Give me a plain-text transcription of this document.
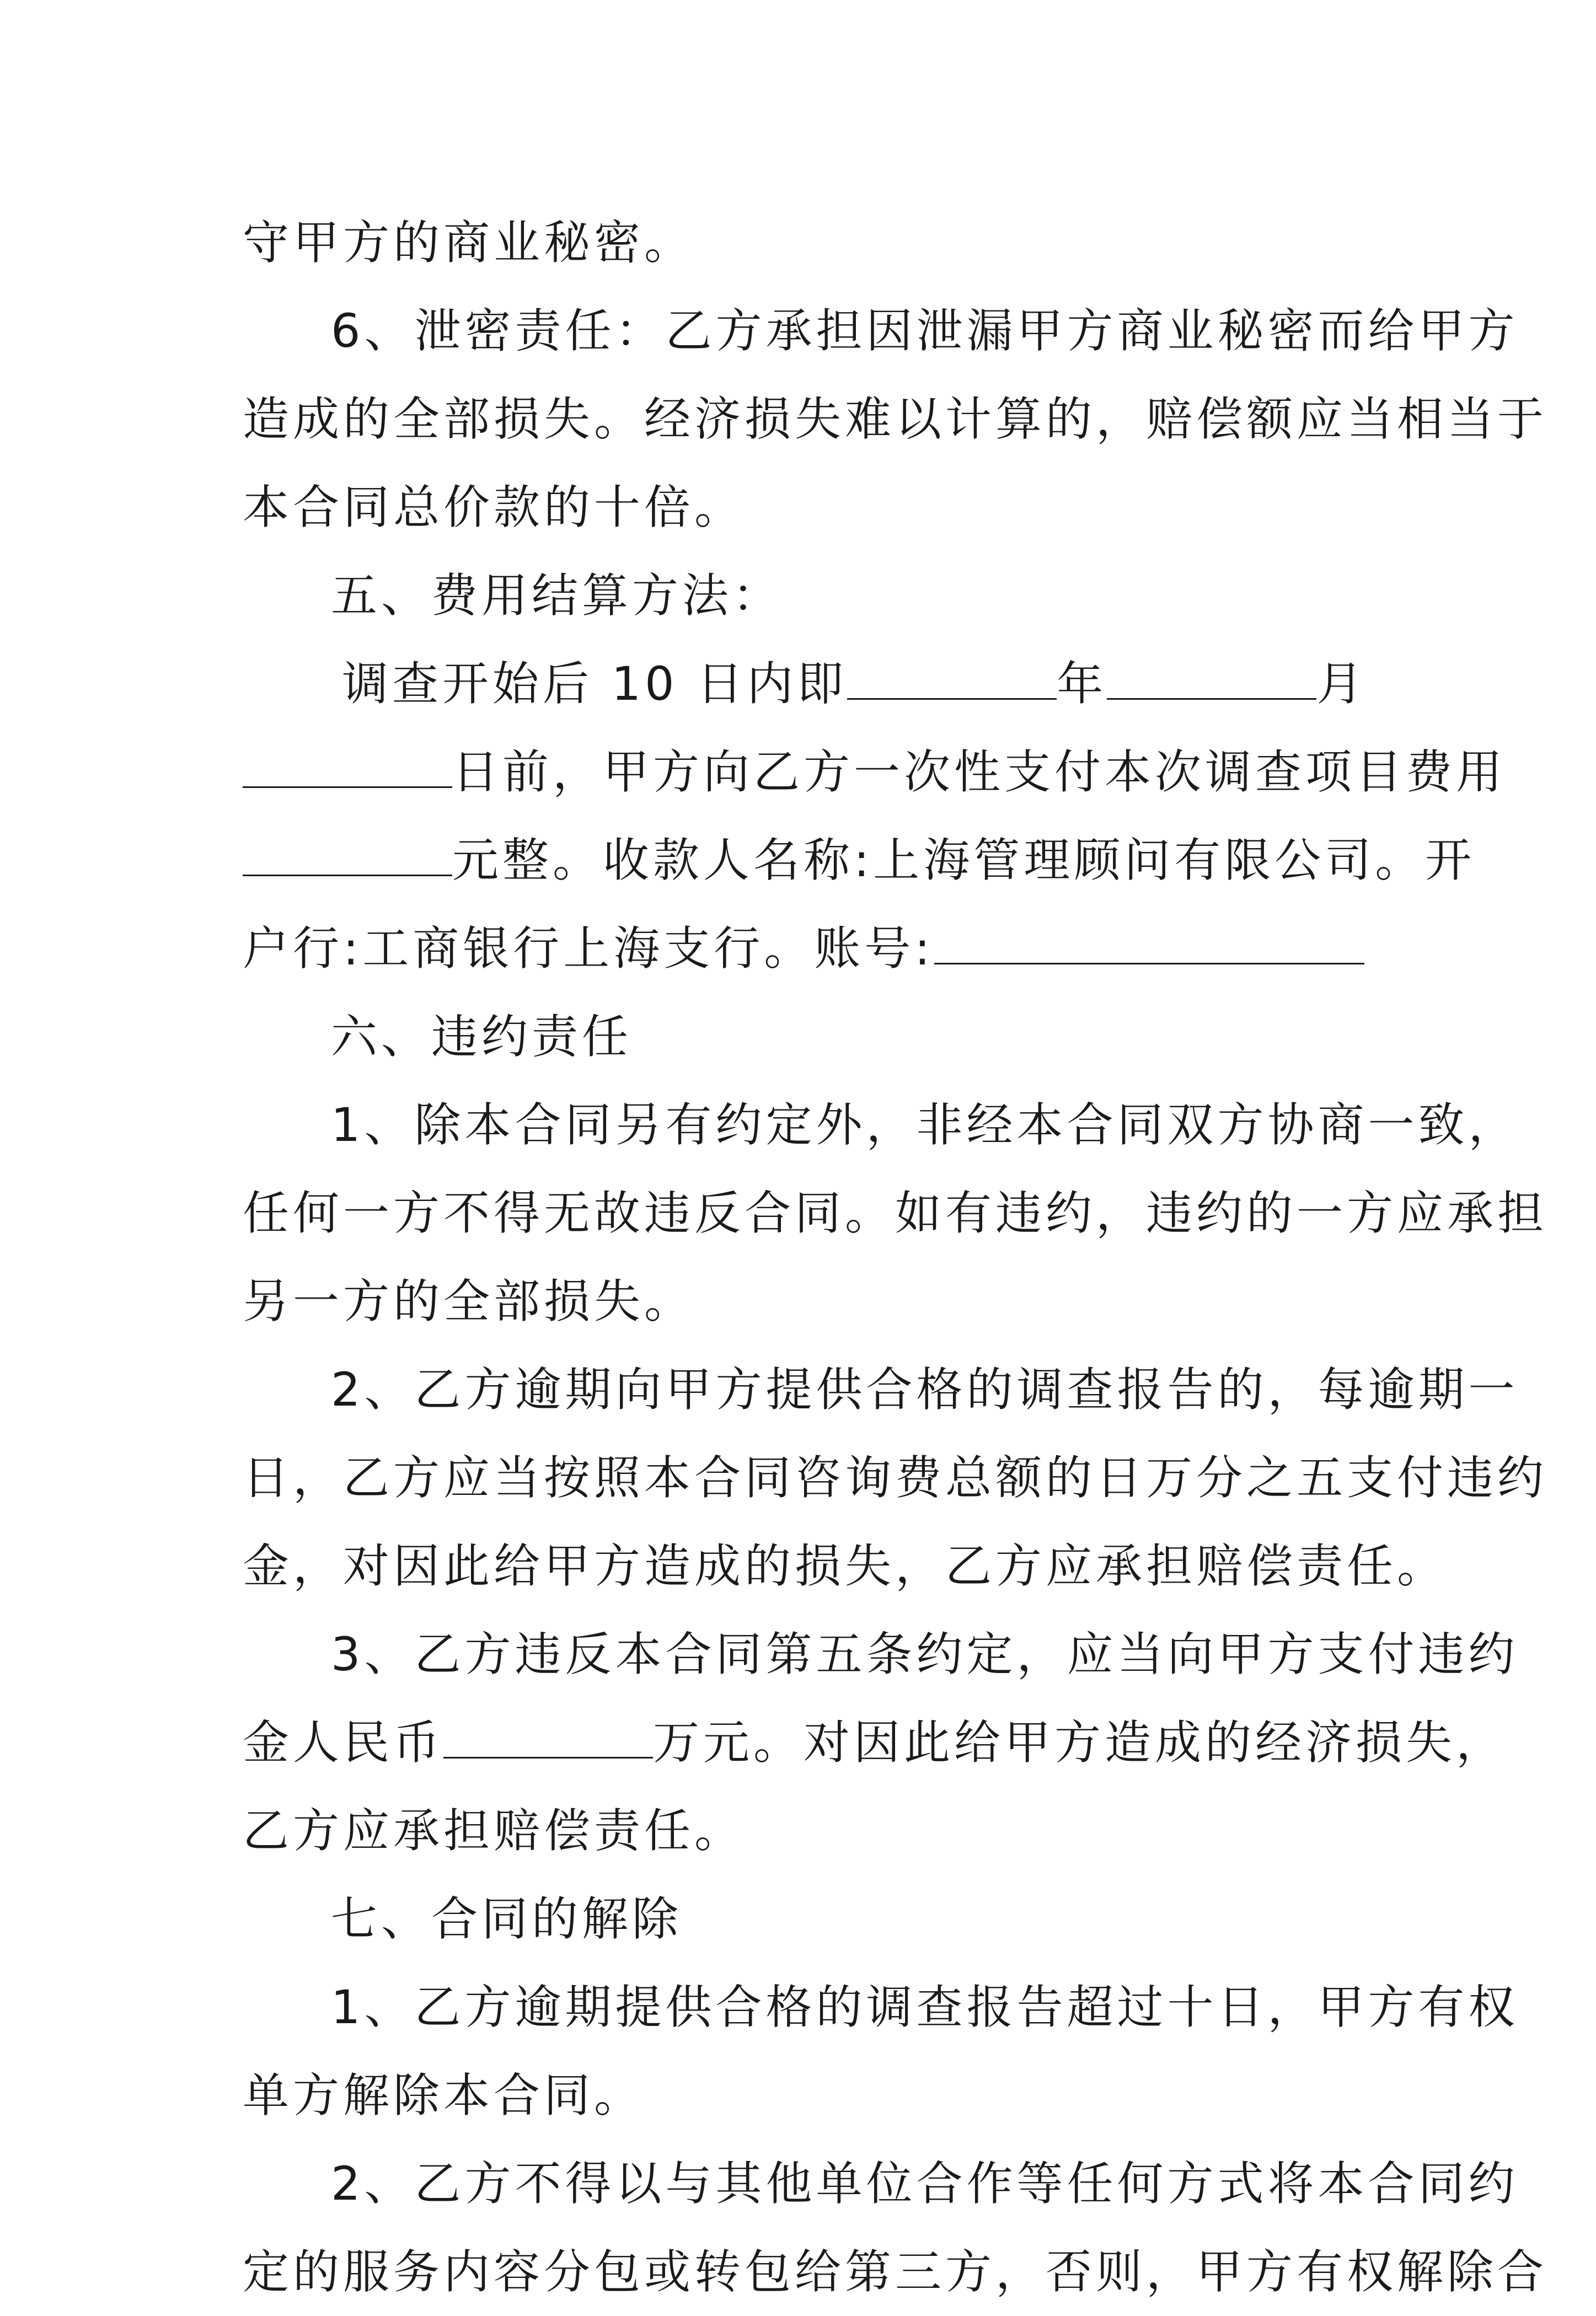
守甲方的商业秘密。
6、泄密责任：乙方承担因泄漏甲方商业秘密而给甲方
造成的全部损失。经济损失难以计算的，赔偿额应当相当于
本合同总价款的十倍。
五、费用结算方法：
调查开始后 10 日内即	年	月
日前，甲方向乙方一次性支付本次调查项目费用
元整。收款人名称:上海管理顾问有限公司。开
户行:工商银行上海支行。账号:
六、违约责任
1、除本合同另有约定外，非经本合同双方协商一致，
任何一方不得无故违反合同。如有违约，违约的一方应承担
另一方的全部损失。
2、乙方逾期向甲方提供合格的调查报告的，每逾期一
日，乙方应当按照本合同咨询费总额的日万分之五支付违约
金，对因此给甲方造成的损失，乙方应承担赔偿责任。
3、乙方违反本合同第五条约定，应当向甲方支付违约
金人民币	万元。对因此给甲方造成的经济损失，
乙方应承担赔偿责任。
七、合同的解除
1、乙方逾期提供合格的调查报告超过十日，甲方有权
单方解除本合同。
2、乙方不得以与其他单位合作等任何方式将本合同约
定的服务内容分包或转包给第三方，否则，甲方有权解除合
